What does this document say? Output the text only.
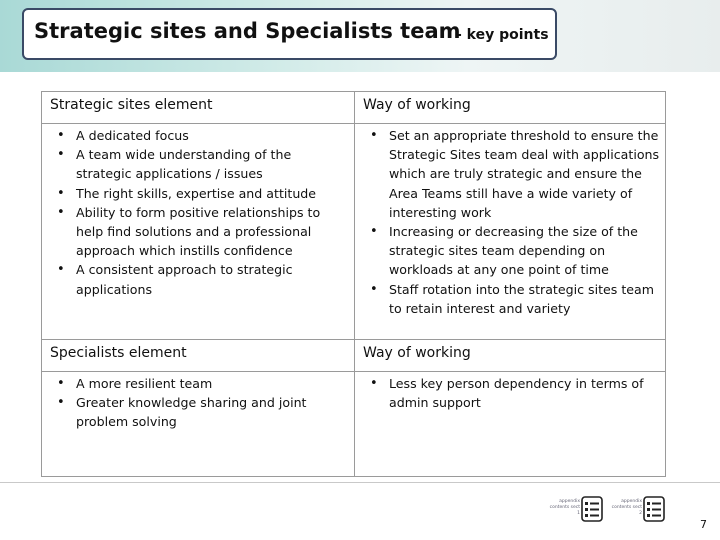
Strategic sites and Specialists team
- key points
Strategic sites element	Way of working
• A dedicated focus
• A team wide understanding of the strategic applications / issues
• The right skills, expertise and attitude
• Ability to form positive relationships to help find solutions and a professional approach which instills confidence
• A consistent approach to strategic applications
• Set an appropriate threshold to ensure the Strategic Sites team deal with applications which are truly strategic and ensure the Area Teams still have a wide variety of interesting work
• Increasing or decreasing the size of the strategic sites team depending on workloads at any one point of time
• Staff rotation into the strategic sites team to retain interest and variety
Specialists element	Way of working
• A more resilient team
• Greater knowledge sharing and joint problem solving
• Less key person dependency in terms of admin support
appendix contents sect 1
appendix contents sect 2
7
